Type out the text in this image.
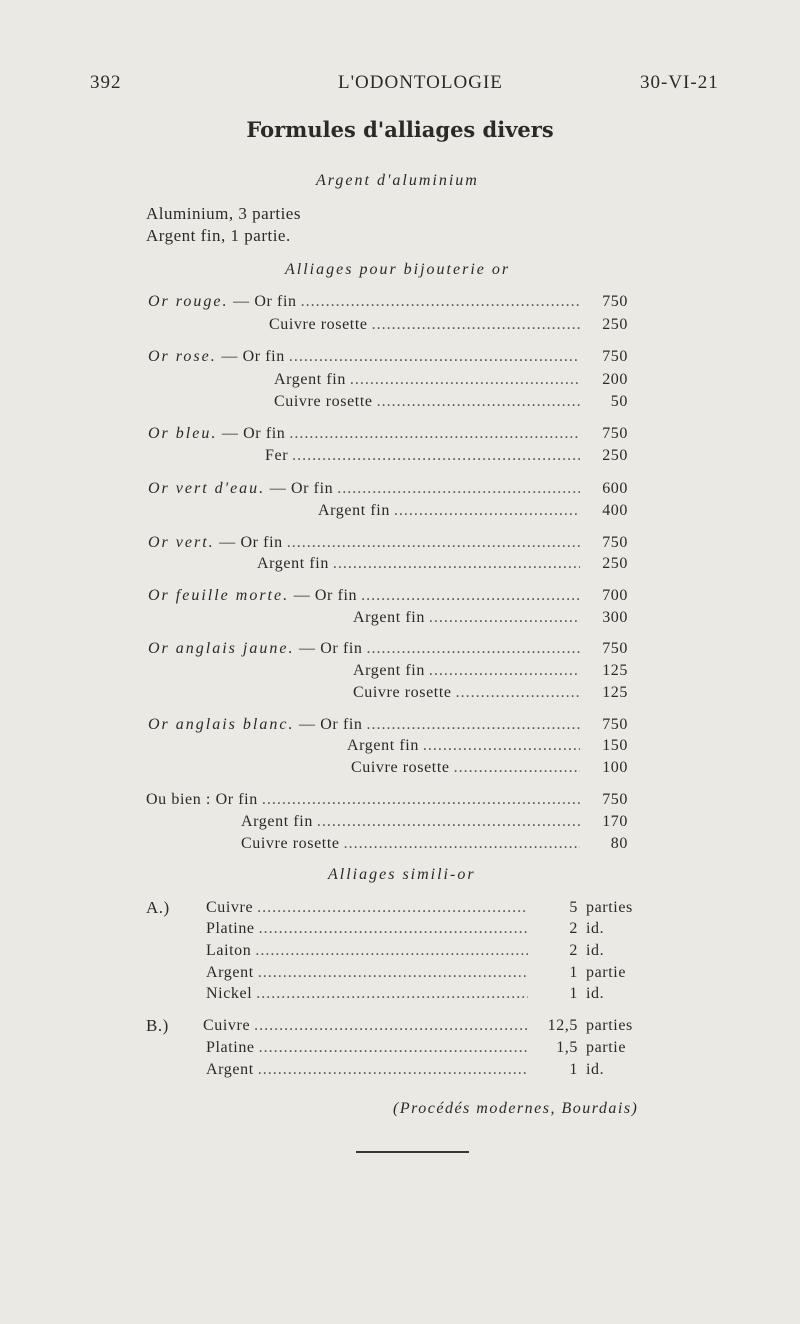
392	L'ODONTOLOGIE	30-VI-21
Formules d'alliages divers
Argent d'aluminium
Aluminium, 3 parties
Argent fin, 1 partie.
Alliages pour bijouterie or
Or rouge. — Or fin .....	750
Cuivre rosette .....	250
Or rose. — Or fin .....	750
Argent fin .....	200
Cuivre rosette .....	50
Or bleu. — Or fin .....	750
Fer .....	250
Or vert d'eau. — Or fin .....	600
Argent fin .....	400
Or vert. — Or fin .....	750
Argent fin .....	250
Or feuille morte. — Or fin .....	700
Argent fin .....	300
Or anglais jaune. — Or fin .....	750
Argent fin .....	125
Cuivre rosette .....	125
Or anglais blanc. — Or fin .....	750
Argent fin .....	150
Cuivre rosette .....	100
Ou bien : Or fin .....	750
Argent fin .....	170
Cuivre rosette .....	80
Alliages simili-or
A.) Cuivre .....	5 parties
Platine .....	2 id.
Laiton .....	2 id.
Argent .....	1 partie
Nickel .....	1 id.
B.) Cuivre .....	12,5 parties
Platine .....	1,5 partie
Argent .....	1 id.
(Procédés modernes, Bourdais)
